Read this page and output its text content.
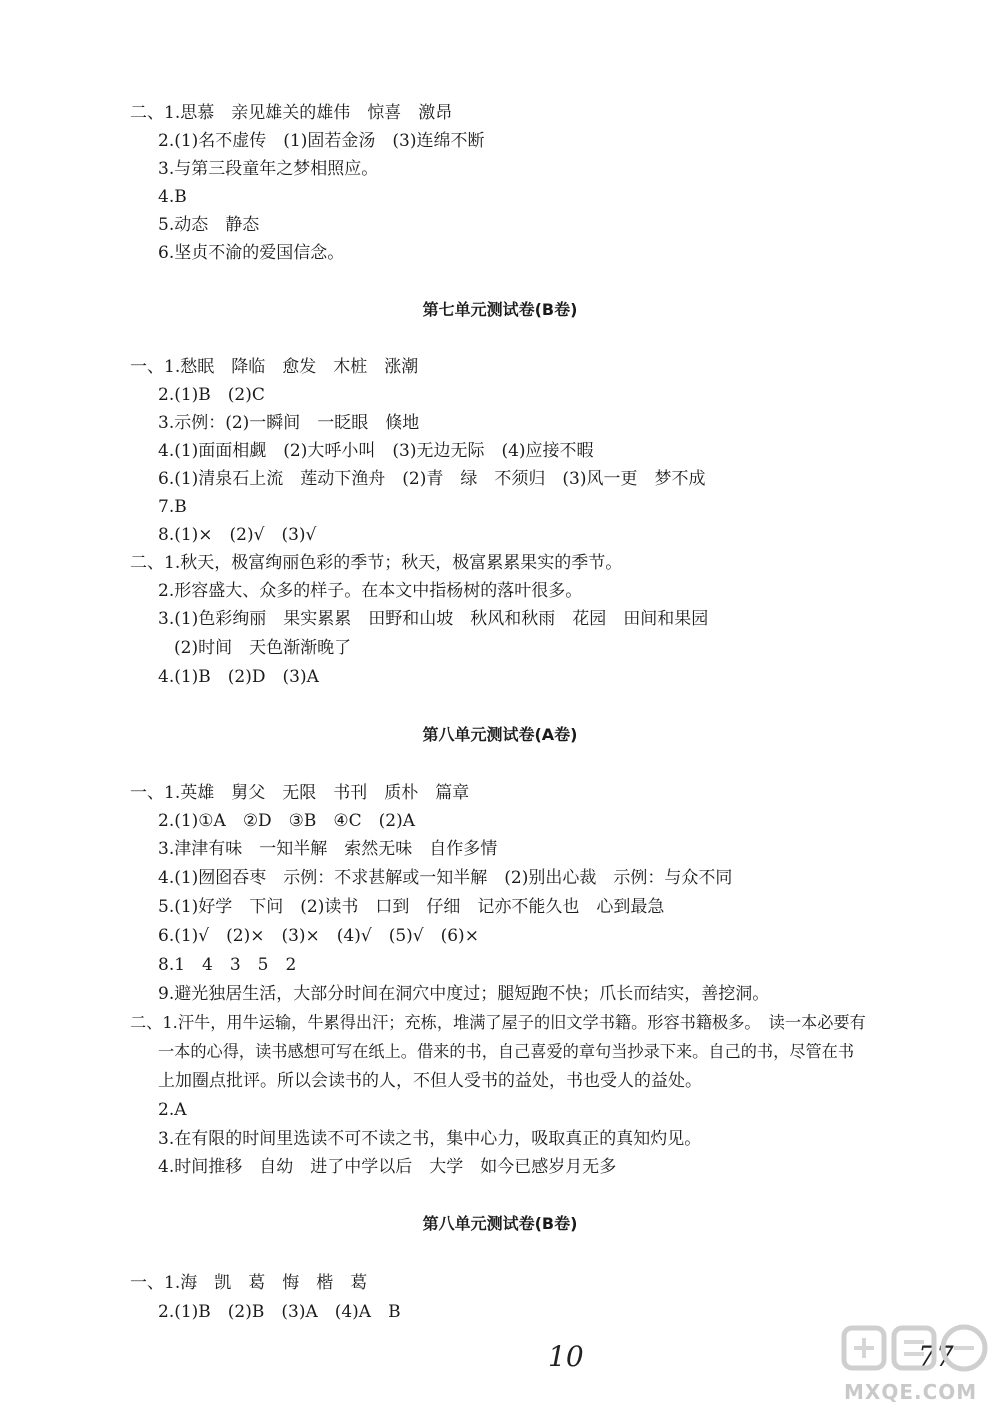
二、1.思慕　亲见雄关的雄伟　惊喜　激昂
2.(1)名不虚传　(1)固若金汤　(3)连绵不断
3.与第三段童年之梦相照应。
4.B
5.动态　静态
6.坚贞不渝的爱国信念。
第七单元测试卷(B卷)
一、1.愁眠　降临　愈发　木桩　涨潮
2.(1)B　(2)C
3.示例：(2)一瞬间　一眨眼　倏地
4.(1)面面相觑　(2)大呼小叫　(3)无边无际　(4)应接不暇
6.(1)清泉石上流　莲动下渔舟　(2)青　绿　不须归　(3)风一更　梦不成
7.B
8.(1)×　(2)√　(3)√
二、1.秋天，极富绚丽色彩的季节；秋天，极富累累果实的季节。
2.形容盛大、众多的样子。在本文中指杨树的落叶很多。
3.(1)色彩绚丽　果实累累　田野和山坡　秋风和秋雨　花园　田间和果园
(2)时间　天色渐渐晚了
4.(1)B　(2)D　(3)A
第八单元测试卷(A卷)
一、1.英雄　舅父　无限　书刊　质朴　篇章
2.(1)①A　②D　③B　④C　(2)A
3.津津有味　一知半解　索然无味　自作多情
4.(1)囫囵吞枣　示例：不求甚解或一知半解　(2)别出心裁　示例：与众不同
5.(1)好学　下问　(2)读书　口到　仔细　记亦不能久也　心到最急
6.(1)√　(2)×　(3)×　(4)√　(5)√　(6)×
8.1　4　3　5　2
9.避光独居生活，大部分时间在洞穴中度过；腿短跑不快；爪长而结实，善挖洞。
二、1.汗牛，用牛运输，牛累得出汗；充栋，堆满了屋子的旧文学书籍。形容书籍极多。　读一本必要有
一本的心得，读书感想可写在纸上。借来的书，自己喜爱的章句当抄录下来。自己的书，尽管在书
上加圈点批评。所以会读书的人，不但人受书的益处，书也受人的益处。
2.A
3.在有限的时间里选读不可不读之书，集中心力，吸取真正的真知灼见。
4.时间推移　自幼　进了中学以后　大学　如今已感岁月无多
第八单元测试卷(B卷)
一、1.海　凯　葛　悔　楷　葛
2.(1)B　(2)B　(3)A　(4)A　B
10	77
MXQE.COM
